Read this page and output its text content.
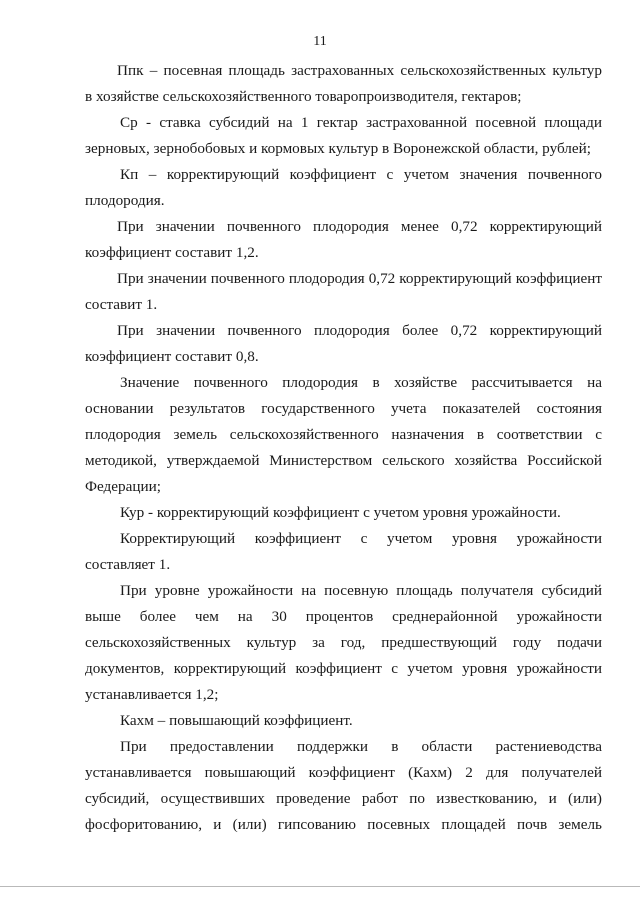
11
Ппк – посевная площадь застрахованных сельскохозяйственных культур
в хозяйстве сельскохозяйственного товаропроизводителя, гектаров;
Ср - ставка субсидий на 1 гектар застрахованной посевной площади
зерновых, зернобобовых и кормовых культур в Воронежской области, рублей;
Кп – корректирующий коэффициент с учетом значения почвенного
плодородия.
При значении почвенного плодородия менее 0,72 корректирующий
коэффициент составит 1,2.
При значении почвенного плодородия 0,72 корректирующий коэффициент
составит 1.
При значении почвенного плодородия более 0,72 корректирующий
коэффициент составит 0,8.
Значение почвенного плодородия в хозяйстве рассчитывается на
основании результатов государственного учета показателей состояния
плодородия земель сельскохозяйственного назначения в соответствии с
методикой, утверждаемой Министерством сельского хозяйства Российской
Федерации;
Кур - корректирующий коэффициент с учетом уровня урожайности.
Корректирующий коэффициент с учетом уровня урожайности
составляет 1.
При уровне урожайности на посевную площадь получателя субсидий
выше более чем на 30 процентов среднерайонной урожайности
сельскохозяйственных культур за год, предшествующий году подачи
документов, корректирующий коэффициент с учетом уровня урожайности
устанавливается 1,2;
Кахм – повышающий коэффициент.
При предоставлении поддержки в области растениеводства
устанавливается повышающий коэффициент (Кахм) 2 для получателей
субсидий, осуществивших проведение работ по известкованию, и (или)
фосфоритованию, и (или) гипсованию посевных площадей почв земель
